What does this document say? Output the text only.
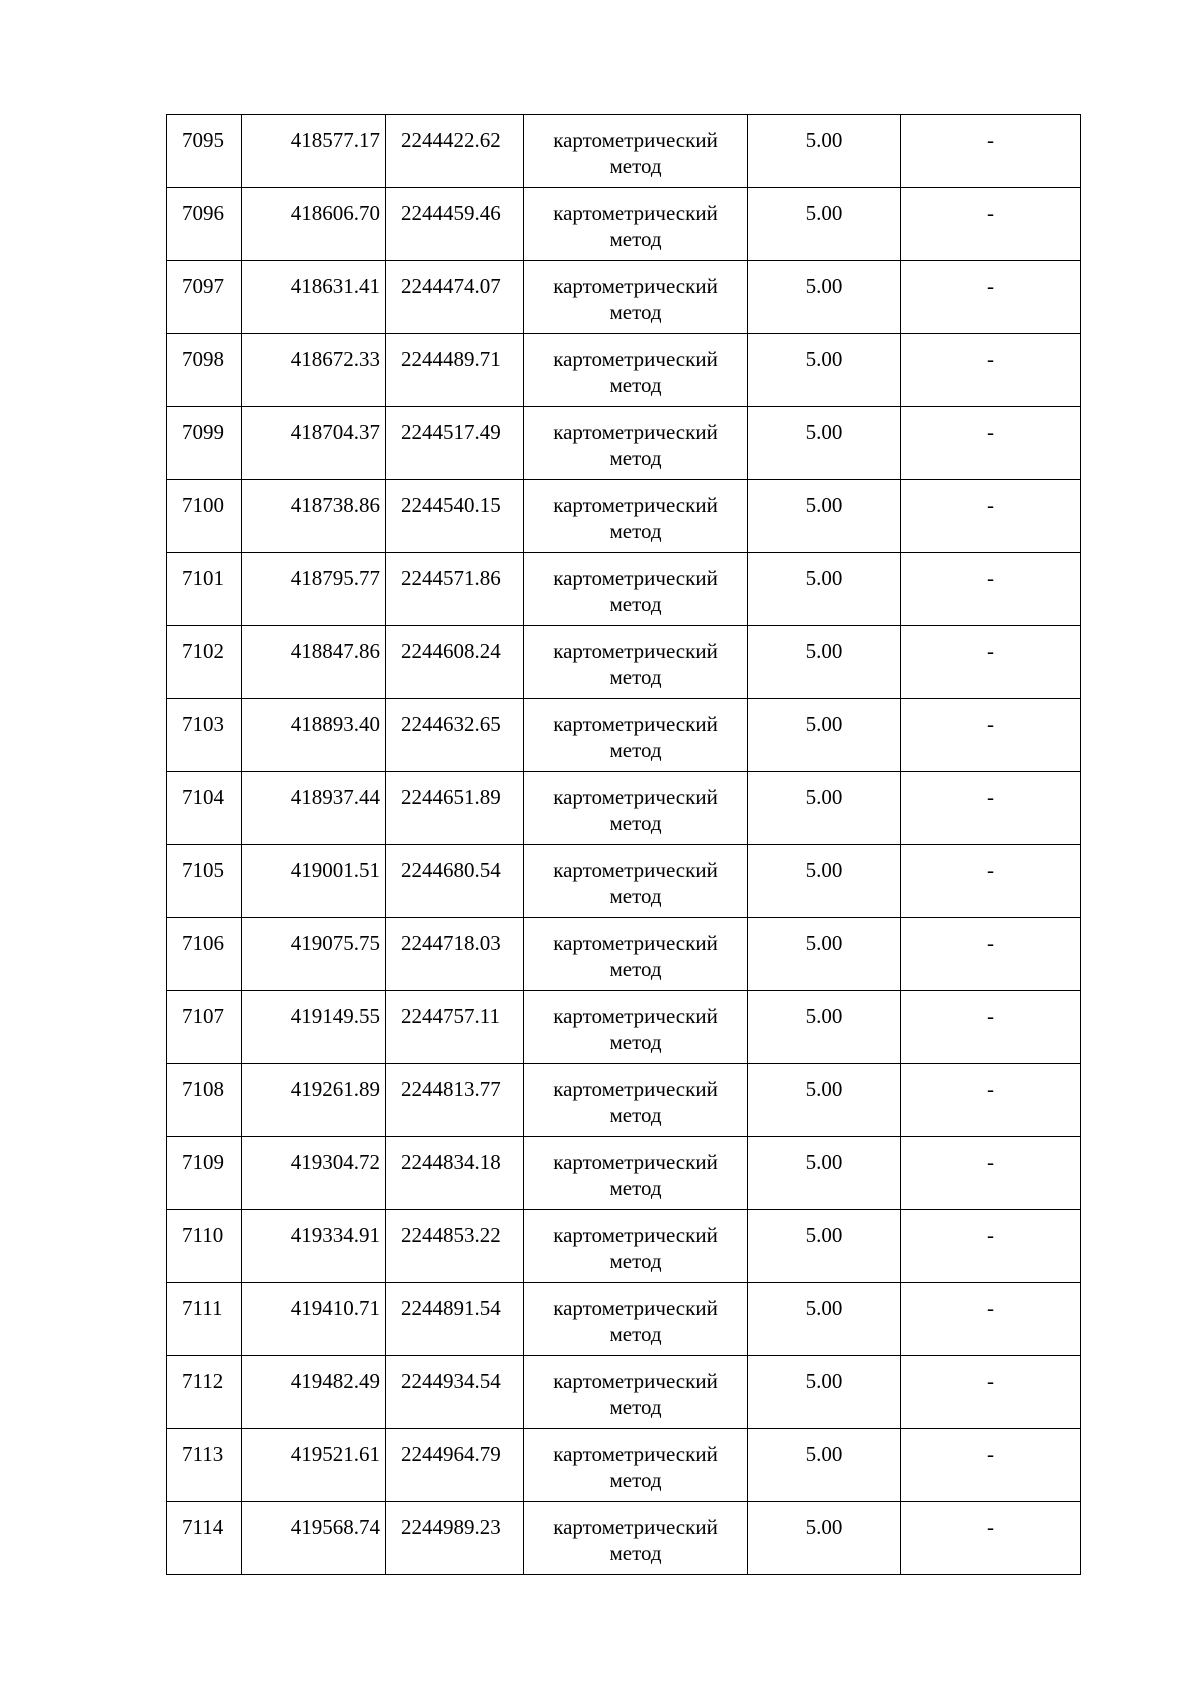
7095	418577.17	2244422.62	картометрический
метод	5.00	-

7096	418606.70	2244459.46	картометрический
метод	5.00	-

7097	418631.41	2244474.07	картометрический
метод	5.00	-

7098	418672.33	2244489.71	картометрический
метод	5.00	-

7099	418704.37	2244517.49	картометрический
метод	5.00	-

7100	418738.86	2244540.15	картометрический
метод	5.00	-

7101	418795.77	2244571.86	картометрический
метод	5.00	-

7102	418847.86	2244608.24	картометрический
метод	5.00	-

7103	418893.40	2244632.65	картометрический
метод	5.00	-

7104	418937.44	2244651.89	картометрический
метод	5.00	-

7105	419001.51	2244680.54	картометрический
метод	5.00	-

7106	419075.75	2244718.03	картометрический
метод	5.00	-

7107	419149.55	2244757.11	картометрический
метод	5.00	-

7108	419261.89	2244813.77	картометрический
метод	5.00	-

7109	419304.72	2244834.18	картометрический
метод	5.00	-

7110	419334.91	2244853.22	картометрический
метод	5.00	-

7111	419410.71	2244891.54	картометрический
метод	5.00	-

7112	419482.49	2244934.54	картометрический
метод	5.00	-

7113	419521.61	2244964.79	картометрический
метод	5.00	-

7114	419568.74	2244989.23	картометрический
метод	5.00	-
